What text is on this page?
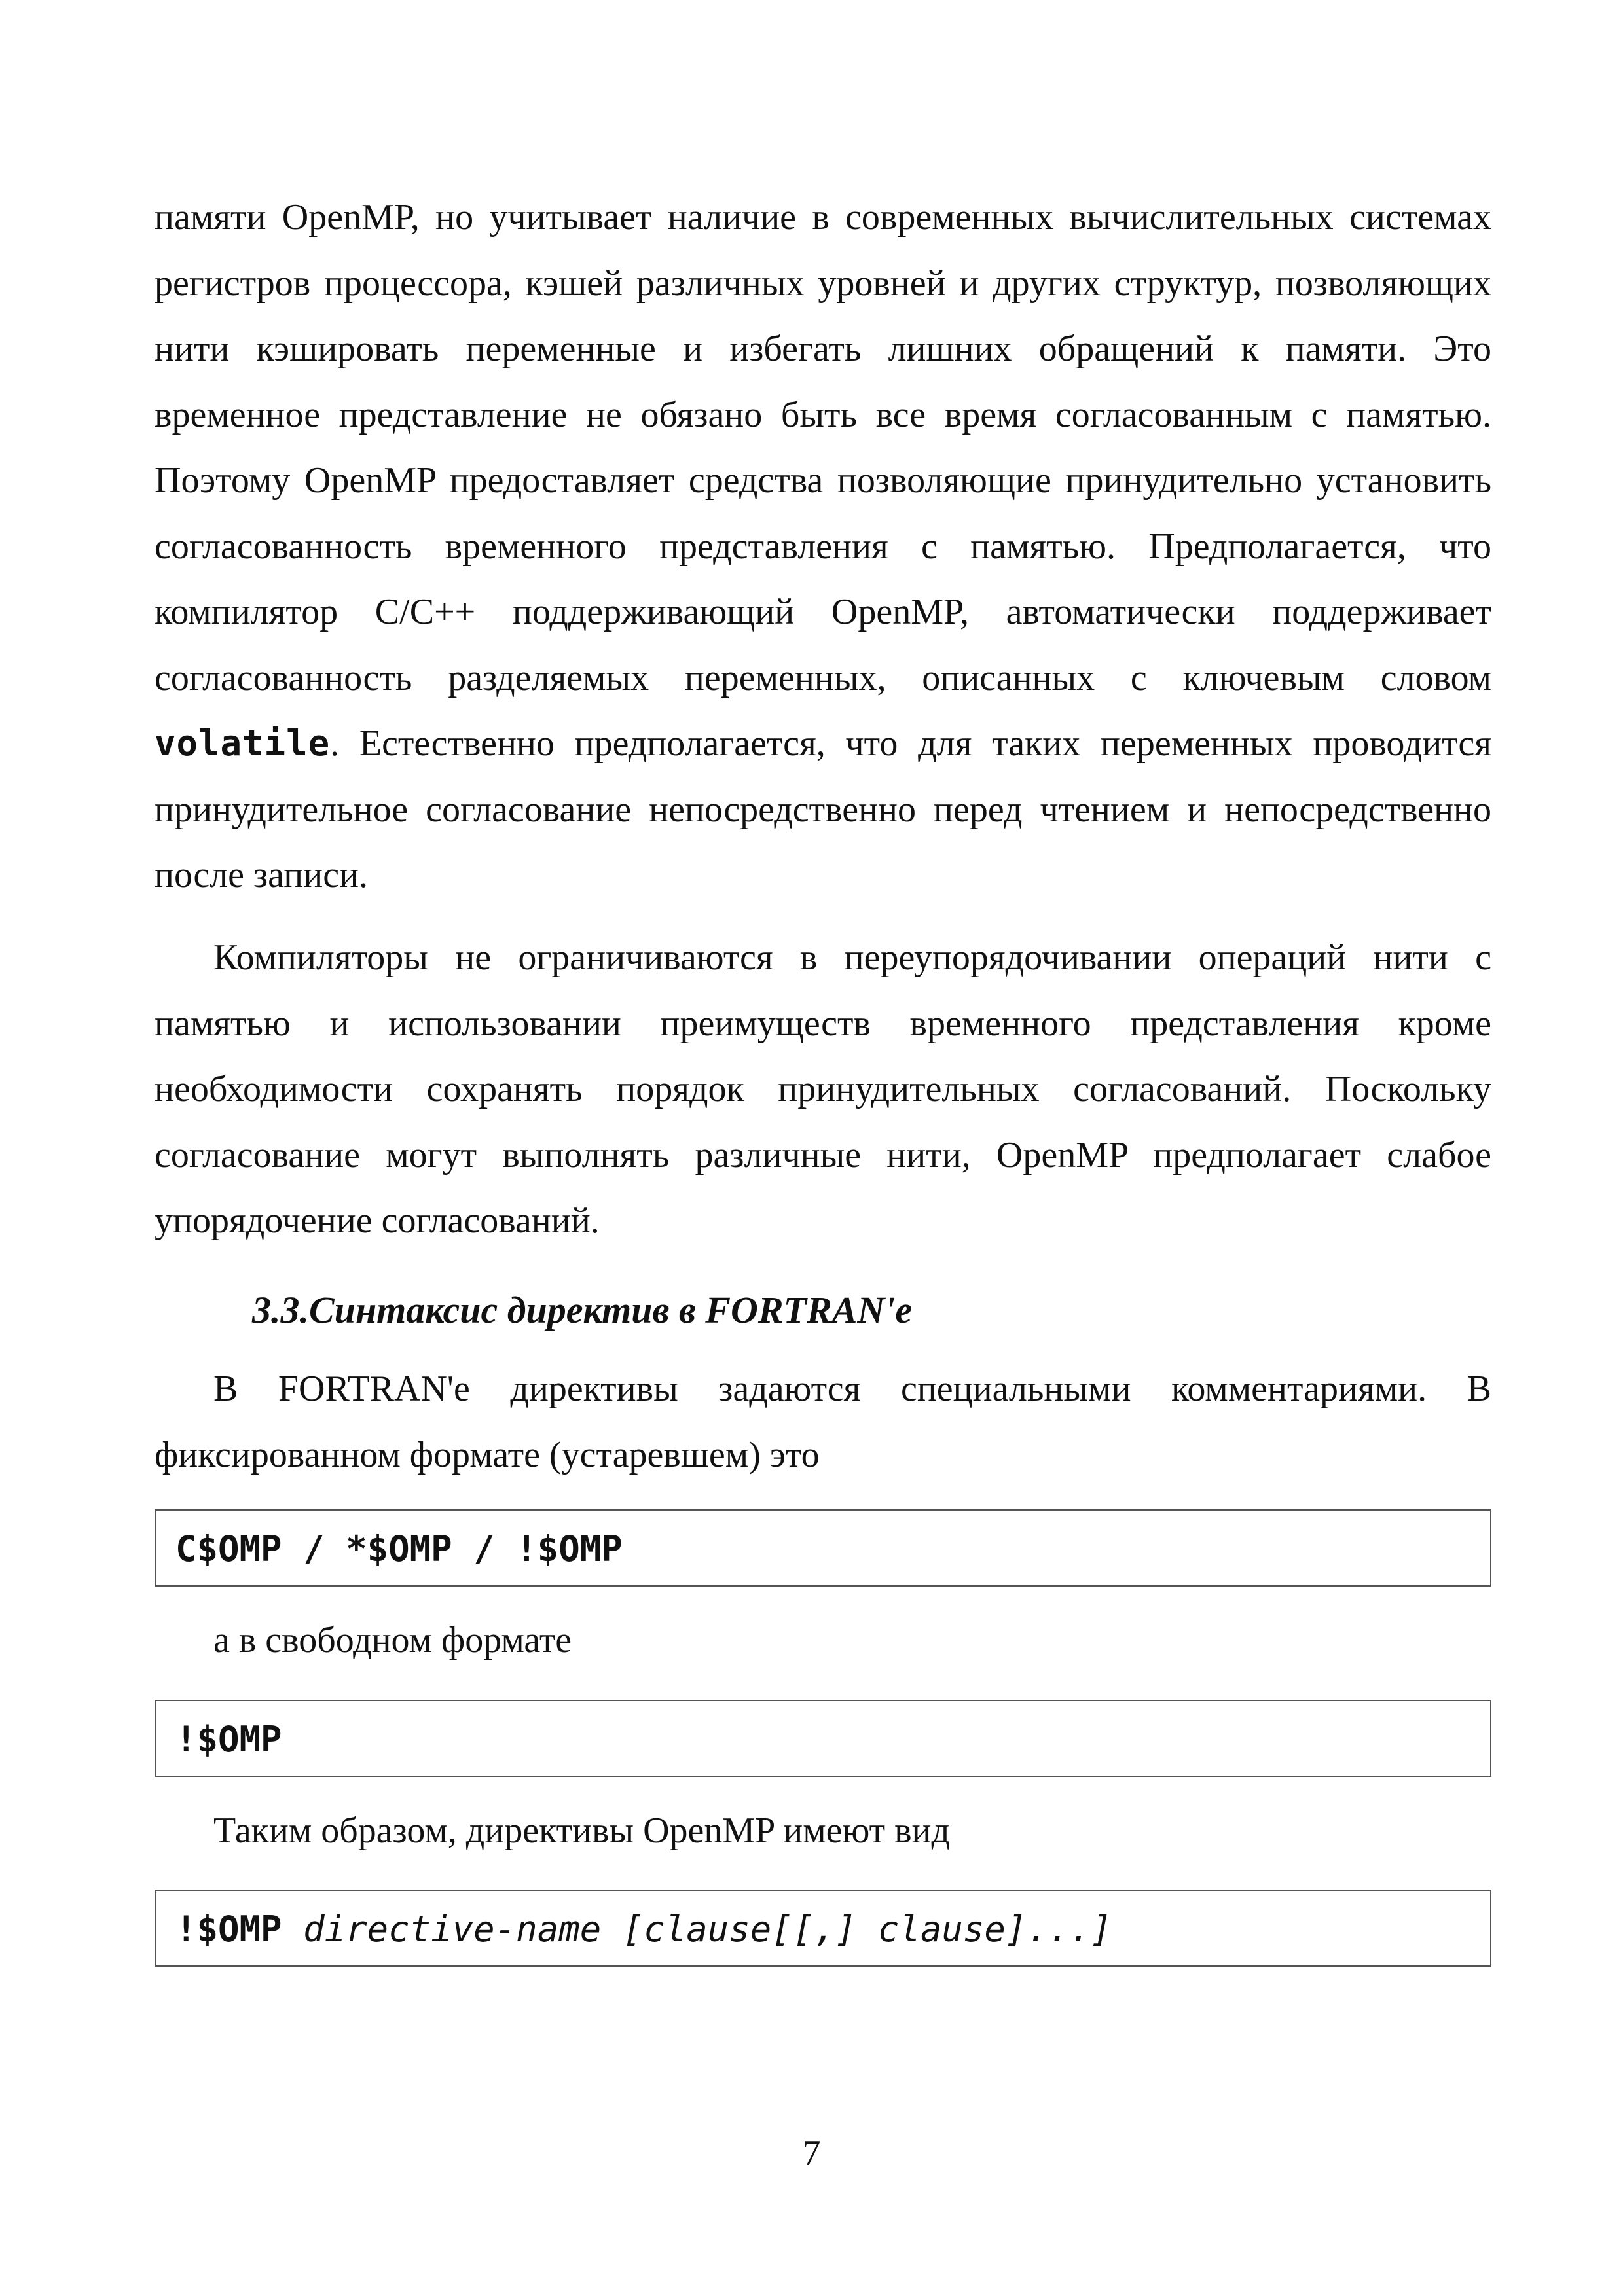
памяти OpenMP, но учитывает наличие в современных вычислительных системах регистров процессора, кэшей различных уровней и других структур, позволяющих нити кэшировать переменные и избегать лишних обращений к памяти. Это временное представление не обязано быть все время согласованным с памятью. Поэтому OpenMP предоставляет средства позволяющие принудительно установить согласованность временного представления с памятью. Предполагается, что компилятор C/C++ поддерживающий OpenMP, автоматически поддерживает согласованность разделяемых переменных, описанных с ключевым словом volatile. Естественно предполагается, что для таких переменных проводится принудительное согласование непосредственно перед чтением и непосредственно после записи.

Компиляторы не ограничиваются в переупорядочивании операций нити с памятью и использовании преимуществ временного представления кроме необходимости сохранять порядок принудительных согласований. Поскольку согласование могут выполнять различные нити, OpenMP предполагает слабое упорядочение согласований.

3.3.Синтаксис директив в FORTRAN'е

В FORTRAN'е директивы задаются специальными комментариями. В фиксированном формате (устаревшем) это

C$OMP / *$OMP / !$OMP

а в свободном формате

!$OMP

Таким образом, директивы OpenMP имеют вид

!$OMP directive-name [clause[[,] clause]...]

7
